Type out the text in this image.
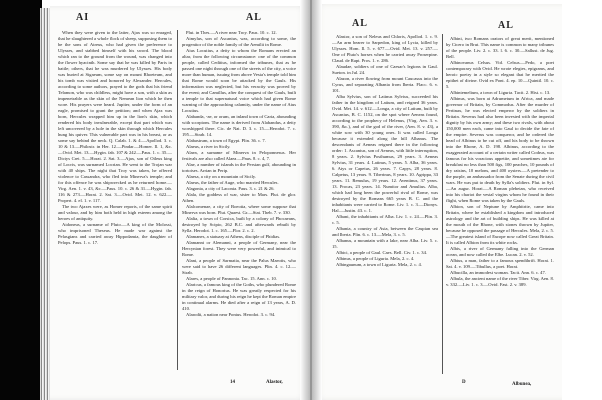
AI	AL

When they were given to the latter, Ajax was so enraged, that he slaughtered a whole flock of sheep, supposing them to be the sons of Atreus, who had given the preference to Ulysses, and stabbed himself with his sword. The blood which ran to the ground from the wound, was changed into the flower hyacinth. Some say that he was killed by Paris in battle; others, that he was murdered by Ulysses. His body was buried at Sigaeum, some say on mount Rhoeteum, and his tomb was visited and honored by Alexander. Hercules, according to some authors, prayed to the gods that his friend Telamon, who was childless, might have a son, with a skin as impenetrable as the skin of the Nemean lion which he then wore. His prayers were heard. Jupiter, under the form of an eagle, promised to grant the petition; and when Ajax was born, Hercules wrapped him up in the lion's skin, which rendered his body invulnerable, except that part which was left uncovered by a hole in the skin through which Hercules hung his quiver. This vulnerable part was in his breast, or as some say behind the neck. Q. Calab. 1. & 4.—Apollod. 3. c. 10 & 13.—Philostr. in Her. 12.—Pindar.—Homer. Il. 1, &c.—Ovid. Met. 13.—Hygin. fab. 107 & 242.—Paus. 1. c. 35.—Dictys Cret. 5.—Horat. 2. Sat. 3.—Ajax, son of Oileus king of Locris, was surnamed Locrian. He went to the Trojan war with 40 ships. The night that Troy was taken, he offered violence to Cassandra, who fled into Minerva's temple; and for this offence he was shipwrecked as he returned home.—Virg. Aen. 1. v. 43, &c.—Paus. 10. c. 26 & 31.—Hygin. fab. 116 & 273.—Horat. 2. Sat. 3.—Ovid. Met. 12. v. 622.—Propert. 4. el. 1. v. 117.

The two Ajaxes were, as Homer reports, of the same spirit and valour, and by him both held in high esteem among the heroes of antiquity.

Aidoneus, a surname of Pluto.—A king of the Molossi, who imprisoned Theseus. He made war against the Pelasgians and carried away Hippodamia, the daughter of Pelops. Paus. 1. c. 17.

Plut. in Thes.—A river near Troy. Paus. 10. c. 12.

Aimylus, son of Ascanius, was, according to some, the progenitor of the noble family of the Aemilii in Rome.

Aius Locutius, a deity to whom the Romans erected an altar, from the following circumstance: one of the common people, called Ceditius, informed the tribunes, that as he passed one night through one of the streets of the city, a voice more than human, issuing from above Vesta's temple told him that Rome would soon be attacked by the Gauls. His information was neglected, but his veracity was proved by the event; and Camillus, after the conquest of the Gauls, built a temple to that supernatural voice which had given Rome warning of the approaching calamity, under the name of Aius Locutius.

Alabanda, -ae, or orum, an inland town of Caria, abounding with scorpions. The name is derived from Alabandus, a deity worshipped there. Cic. de Nat. D. 3. c. 15.—Herodot. 7. c. 195.—Strab. 14.

Alabastrum, a town of Egypt. Plin. 36. c. 7.

Alaeus, a river in Sicily.

Alaea, a surname of Minerva in Peloponnesus. Her festivals are also called Alaea.—Paus. 8. c. 4, 7.

Alae, a number of islands in the Persian gulf, abounding in tortoises. Arrian in Perip.

Alaesa, a city on a mountain of Sicily.

Alaeus, the father of Auge, who married Hercules.

Alagonia, a city of Laconia. Paus. 3. c. 21 & 26.

Alala, the goddess of war, sister to Mars. Plut. de glor. Athen.

Alalcomenae, a city of Boeotia, where some suppose that Minerva was born. Plut. Quaest. Gr.—Stat. Theb. 7. v. 330.

Alalia, a town of Corsica, built by a colony of Phocaeans, destroyed by Scipio, 262 B.C. and afterwards rebuilt by Sylla. Herodot. 1. c. 165.—Flor. 2. c. 2.

Alamanes, a statuary at Athens, disciple of Phidias.

Alamanni or Alemanni, a people of Germany, near the Hercynian forest. They were very powerful, and inimical to Rome.

Alani, a people of Sarmatia, near the Palus Maeotis, who were said to have 26 different languages. Plin. 4. c. 12.—Strab.

Alares, a people of Pannonia. Tac. 15. Ann. c. 10.

Alaricus, a famous king of the Goths, who plundered Rome in the reign of Honorius. He was greatly respected for his military valor, and during his reign he kept the Roman empire in continual alarms. He died after a reign of 13 years, A. D. 410.

Alarodii, a nation near Pontus. Herodot. 3. c. 94.

14	Alastor,
AL	AL

Alastor, a son of Neleus and Chloris, Apollod. 1. c. 9.—An arm bearer to Sarpedon, king of Lycia, killed by Ulysses. Hom. Il. 5. v. 677.—Ovid. Met. 13. v. 257.—One of Pluto's horses when he carried away Proserpine. Claud. de Rapt. Pros. 1. v. 286.

Alaudae, soldiers of one of Caesar's legions in Gaul. Sueton. in Jul. 24.

Alazon, a river flowing from mount Caucasus into the Cyrus, and separating Albania from Iberia. Flacc. 6. v. 101.

Alba Sylvius, son of Latinus Sylvius, succeeded his father in the kingdom of Latium, and reigned 36 years. Ovid. Met. 14. v. 612.—Longa, a city of Latium, built by Ascanius, B. C. 1152, on the spot where Aeneas found, according to the prophecy of Helenus, (Virg. Aen. 3. v. 390, &c.), and of the god of the river, (Aen. 8. v. 43), a white sow with 30 young ones. It was called Longa because it extended along the hill Albanus. The descendants of Aeneas reigned there in the following order: 1. Ascanius, son of Aeneas, with little interruption, 8 years. 2. Sylvius Posthumus, 29 years. 3. Aeneas Sylvius, 31 years. 4. Latinus, 5 years. 5. Alba, 36 years. 6. Atys or Capetus, 26 years. 7. Capys, 28 years. 8. Calpetus, 13 years. 9. Tiberinus, 8 years. 10. Agrippa, 33 years. 11. Remulus, 19 years. 12. Aventinus, 37 years. 13. Procas, 23 years. 14. Numitor and Amulius. Alba, which had long been the powerful rival of Rome, was destroyed by the Romans 665 years B. C. and the inhabitants were carried to Rome. Liv. 1. c. 3.—Dionys. Hal.—Justin. 43. c. 1.

Albani, the inhabitants of Alba. Liv. 1. c. 24.—Plin. 3. c. 5.

Albania, a country of Asia, between the Caspian sea and Iberia. Plin. 6. c. 13.—Mela, 3. c. 5.

Albanus, a mountain with a lake, near Alba. Liv. 5. c. 15.

Albici, a people of Gaul. Caes. Bell. Civ. 1. c. 34.

Albinus, a people of Liguria. Mela, 2. c. 4.

Albingaunum, a town of Liguria. Mela, 2. c. 4.

Albini, two Romans orators of great merit, mentioned by Cicero in Brut. This name is common to many tribunes of the people. Liv. 2. c. 33. l. 6. c. 30.—Sallust. de Jug. Bell.

Albinovanus Celsus. Vid. Celsus.—Pedo, a poet contemporary with Ovid. He wrote elegies, epigrams, and heroic poetry in a style so elegant that he merited the epithet of divine. Ovid ex Pont. 4. ep. 10.—Quintil. 10. c. 5.

Albintemelium, a town of Liguria. Tacit. 2. Hist. c. 13.

Albinus, was born at Adrumetum in Africa, and made governor of Britain, by Commodus. After the murder of Pertinax, he was elected emperor by the soldiers in Britain. Severus had also been invested with the imperial dignity by his own army; and these two rivals, with about 150,000 men each, came into Gaul to decide the fate of the empire. Severus was conqueror, and he ordered the head of Albinus to be cut off, and his body to be thrown into the Rhone, A. D. 198. Albinus, according to the exaggerated account of a certain writer called Codrus, was famous for his voracious appetite, and sometimes ate for breakfast no less than 500 figs, 100 peaches, 10 pounds of dry raisins, 10 melons, and 400 oysters.—A pretender to the purple, an ambassador from the Senate during the civil wars. He was put to death by Sylla's soldiers. Plut. in Syl.—An augur. Horat.—A Roman plebeian, who received into his chariot the vestal virgins whom he found in their flight, when Rome was taken by the Gauls.

Albion, son of Neptune by Amphitrite, came into Britain, where he established a kingdom and introduced astrology and the art of building ships. He was killed at the mouth of the Rhone, with stones thrown by Jupiter, because he opposed the passage of Hercules. Mela, 2. c. 5.—The greatest island of Europe now called Great Britain. It is called Albion from its white rocks.

Albis, a river of Germany falling into the German ocean, and now called the Elbe. Lucan. 2. v. 52.

Albius, a man, father to a famous spendthrift. Horat. 1. Sat. 4. v. 109.—Tibullus, a poet. Horat.

Albucilla, an immodest woman. Tacit. Ann. 6. c. 47.

Albula, the ancient name of the river Tiber. Virg. Aen. 8. v. 332.—Liv. 1. c. 3.—Ovid. Fast. 2. v. 389.

D	Albunea,
